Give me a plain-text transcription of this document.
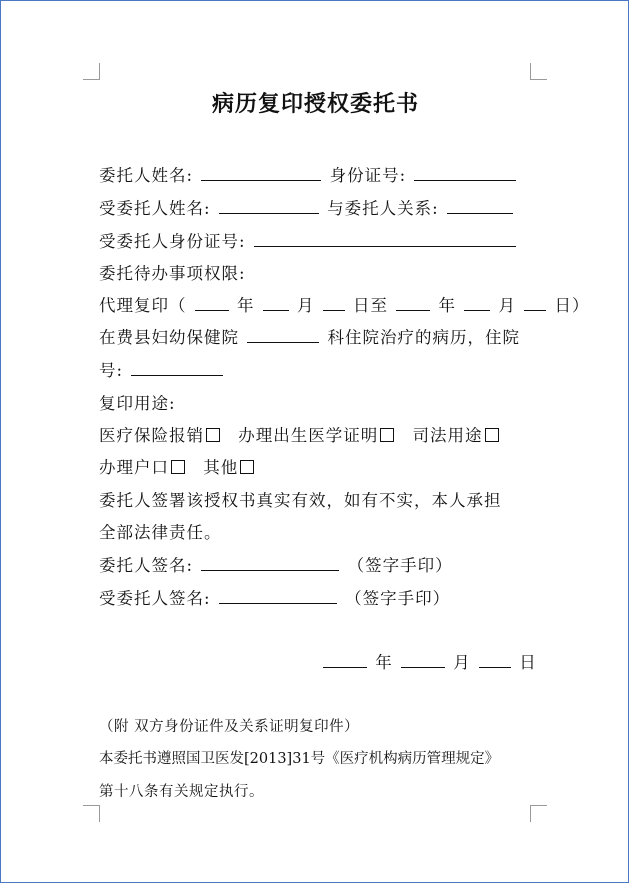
病历复印授权委托书
委托人姓名:	身份证号:
受委托人姓名:	与委托人关系:
受委托人身份证号:
委托待办事项权限:
代理复印（	年	月 日至	年	月 日）
在费县妇幼保健院	科住院治疗的病历，住院
号:
复印用途:
医疗保险报销 办理出生医学证明 司法用途
办理户口 其他
委托人签署该授权书真实有效，如有不实，本人承担
全部法律责任。
委托人签名:	（签字手印）
受委托人签名:	（签字手印）
年	月	日
（附 双方身份证件及关系证明复印件）
本委托书遵照国卫医发[2013]31号《医疗机构病历管理规定》
第十八条有关规定执行。
